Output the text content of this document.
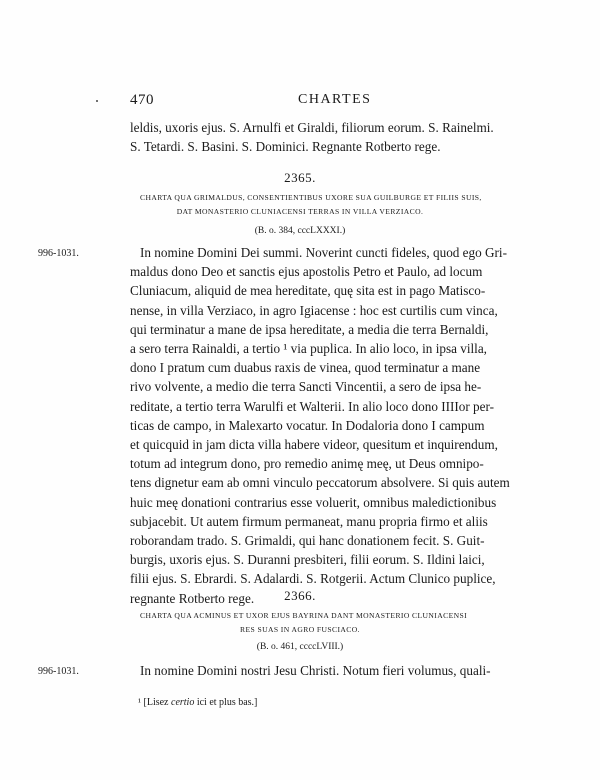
470	CHARTES
leldis, uxoris ejus. S. Arnulfi et Giraldi, filiorum eorum. S. Rainelmi.
S. Tetardi. S. Basini. S. Dominici. Regnante Rotberto rege.
2365.
CHARTA QUA GRIMALDUS, CONSENTIENTIBUS UXORE SUA GUILBURGE ET FILIIS SUIS,
DAT MONASTERIO CLUNIACENSI TERRAS IN VILLA VERZIACO.
(B. o. 384, cccLXXXI.)
996-1031.	In nomine Domini Dei summi. Noverint cuncti fideles, quod ego Gri-
maldus dono Deo et sanctis ejus apostolis Petro et Paulo, ad locum
Cluniacum, aliquid de mea hereditate, quę sita est in pago Matisco-
nense, in villa Verziaco, in agro Igiacense : hoc est curtilis cum vinca,
qui terminatur a mane de ipsa hereditate, a media die terra Bernaldi,
a sero terra Rainaldi, a tertio ¹ via puplica. In alio loco, in ipsa villa,
dono I pratum cum duabus raxis de vinea, quod terminatur a mane
rivo volvente, a medio die terra Sancti Vincentii, a sero de ipsa he-
reditate, a tertio terra Warulfi et Walterii. In alio loco dono IIIIor per-
ticas de campo, in Malexarto vocatur. In Dodaloria dono I campum
et quicquid in jam dicta villa habere videor, quesitum et inquirendum,
totum ad integrum dono, pro remedio animę meę, ut Deus omnipo-
tens dignetur eam ab omni vinculo peccatorum absolvere. Si quis autem
huic meę donationi contrarius esse voluerit, omnibus maledictionibus
subjacebit. Ut autem firmum permaneat, manu propria firmo et aliis
roborandam trado. S. Grimaldi, qui hanc donationem fecit. S. Guit-
burgis, uxoris ejus. S. Duranni presbiteri, filii eorum. S. Ildini laici,
filii ejus. S. Ebrardi. S. Adalardi. S. Rotgerii. Actum Clunico puplice,
regnante Rotberto rege.	2366.
CHARTA QUA ACMINUS ET UXOR EJUS BAYRINA DANT MONASTERIO CLUNIACENSI
RES SUAS IN AGRO FUSCIACO.
(B. o. 461, ccccLVIII.)
996-1031.	In nomine Domini nostri Jesu Christi. Notum fieri volumus, quali-
¹ [Lisez certio ici et plus bas.]
